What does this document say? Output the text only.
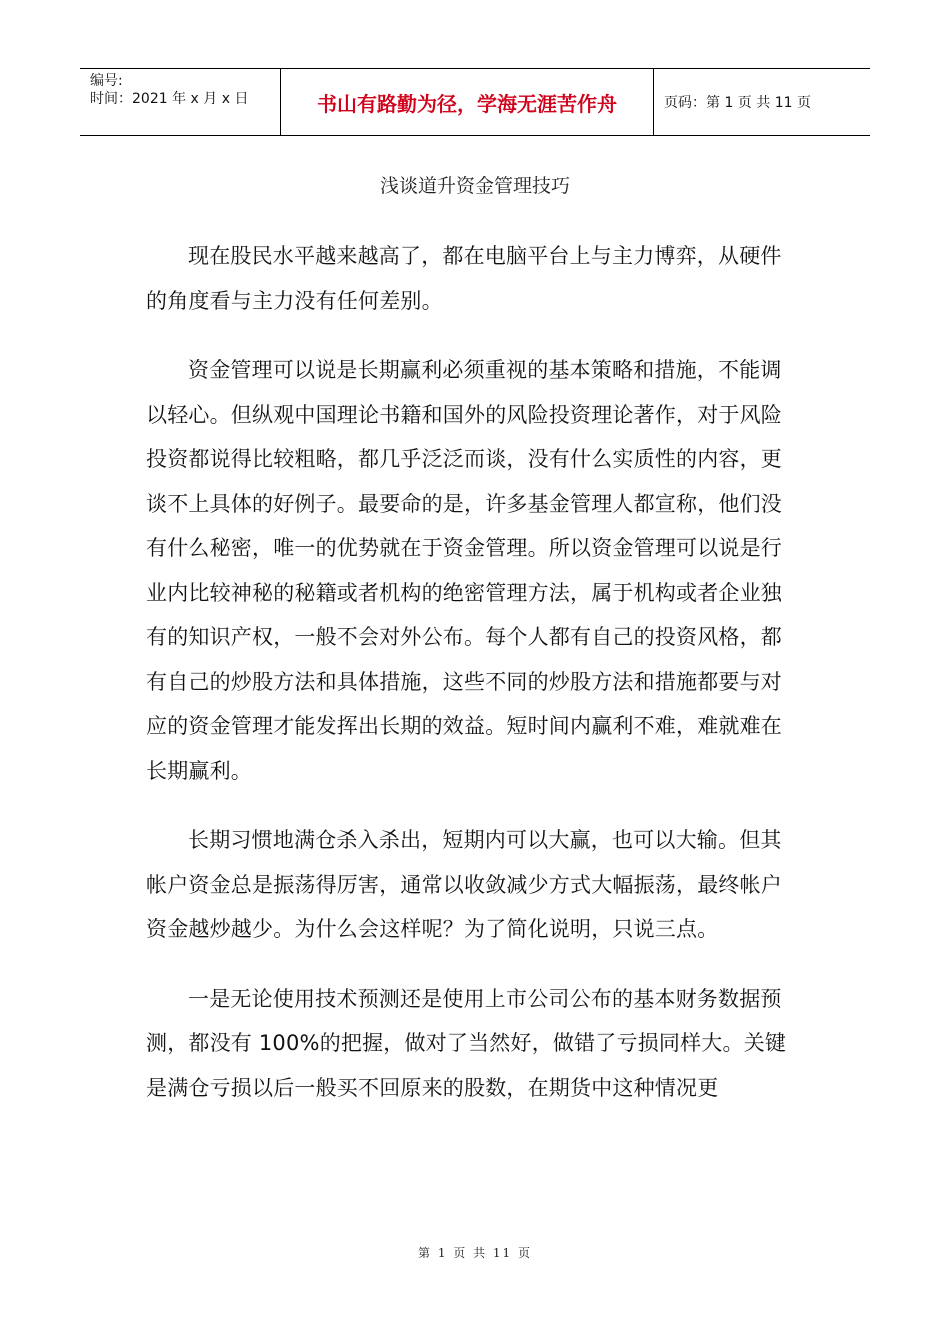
编号:
时间：2021 年 x 月 x 日	书山有路勤为径，学海无涯苦作舟	页码：第 1 页 共 11 页
浅谈道升资金管理技巧

现在股民水平越来越高了，都在电脑平台上与主力博弈，从硬件的角度看与主力没有任何差别。

资金管理可以说是长期赢利必须重视的基本策略和措施，不能调以轻心。但纵观中国理论书籍和国外的风险投资理论著作，对于风险投资都说得比较粗略，都几乎泛泛而谈，没有什么实质性的内容，更谈不上具体的好例子。最要命的是，许多基金管理人都宣称，他们没有什么秘密，唯一的优势就在于资金管理。所以资金管理可以说是行业内比较神秘的秘籍或者机构的绝密管理方法，属于机构或者企业独有的知识产权，一般不会对外公布。每个人都有自己的投资风格，都有自己的炒股方法和具体措施，这些不同的炒股方法和措施都要与对应的资金管理才能发挥出长期的效益。短时间内赢利不难，难就难在长期赢利。

长期习惯地满仓杀入杀出，短期内可以大赢，也可以大输。但其帐户资金总是振荡得厉害，通常以收敛减少方式大幅振荡，最终帐户资金越炒越少。为什么会这样呢？为了简化说明，只说三点。

一是无论使用技术预测还是使用上市公司公布的基本财务数据预测，都没有 100%的把握，做对了当然好，做错了亏损同样大。关键是满仓亏损以后一般买不回原来的股数，在期货中这种情况更

第 1 页 共 11 页
